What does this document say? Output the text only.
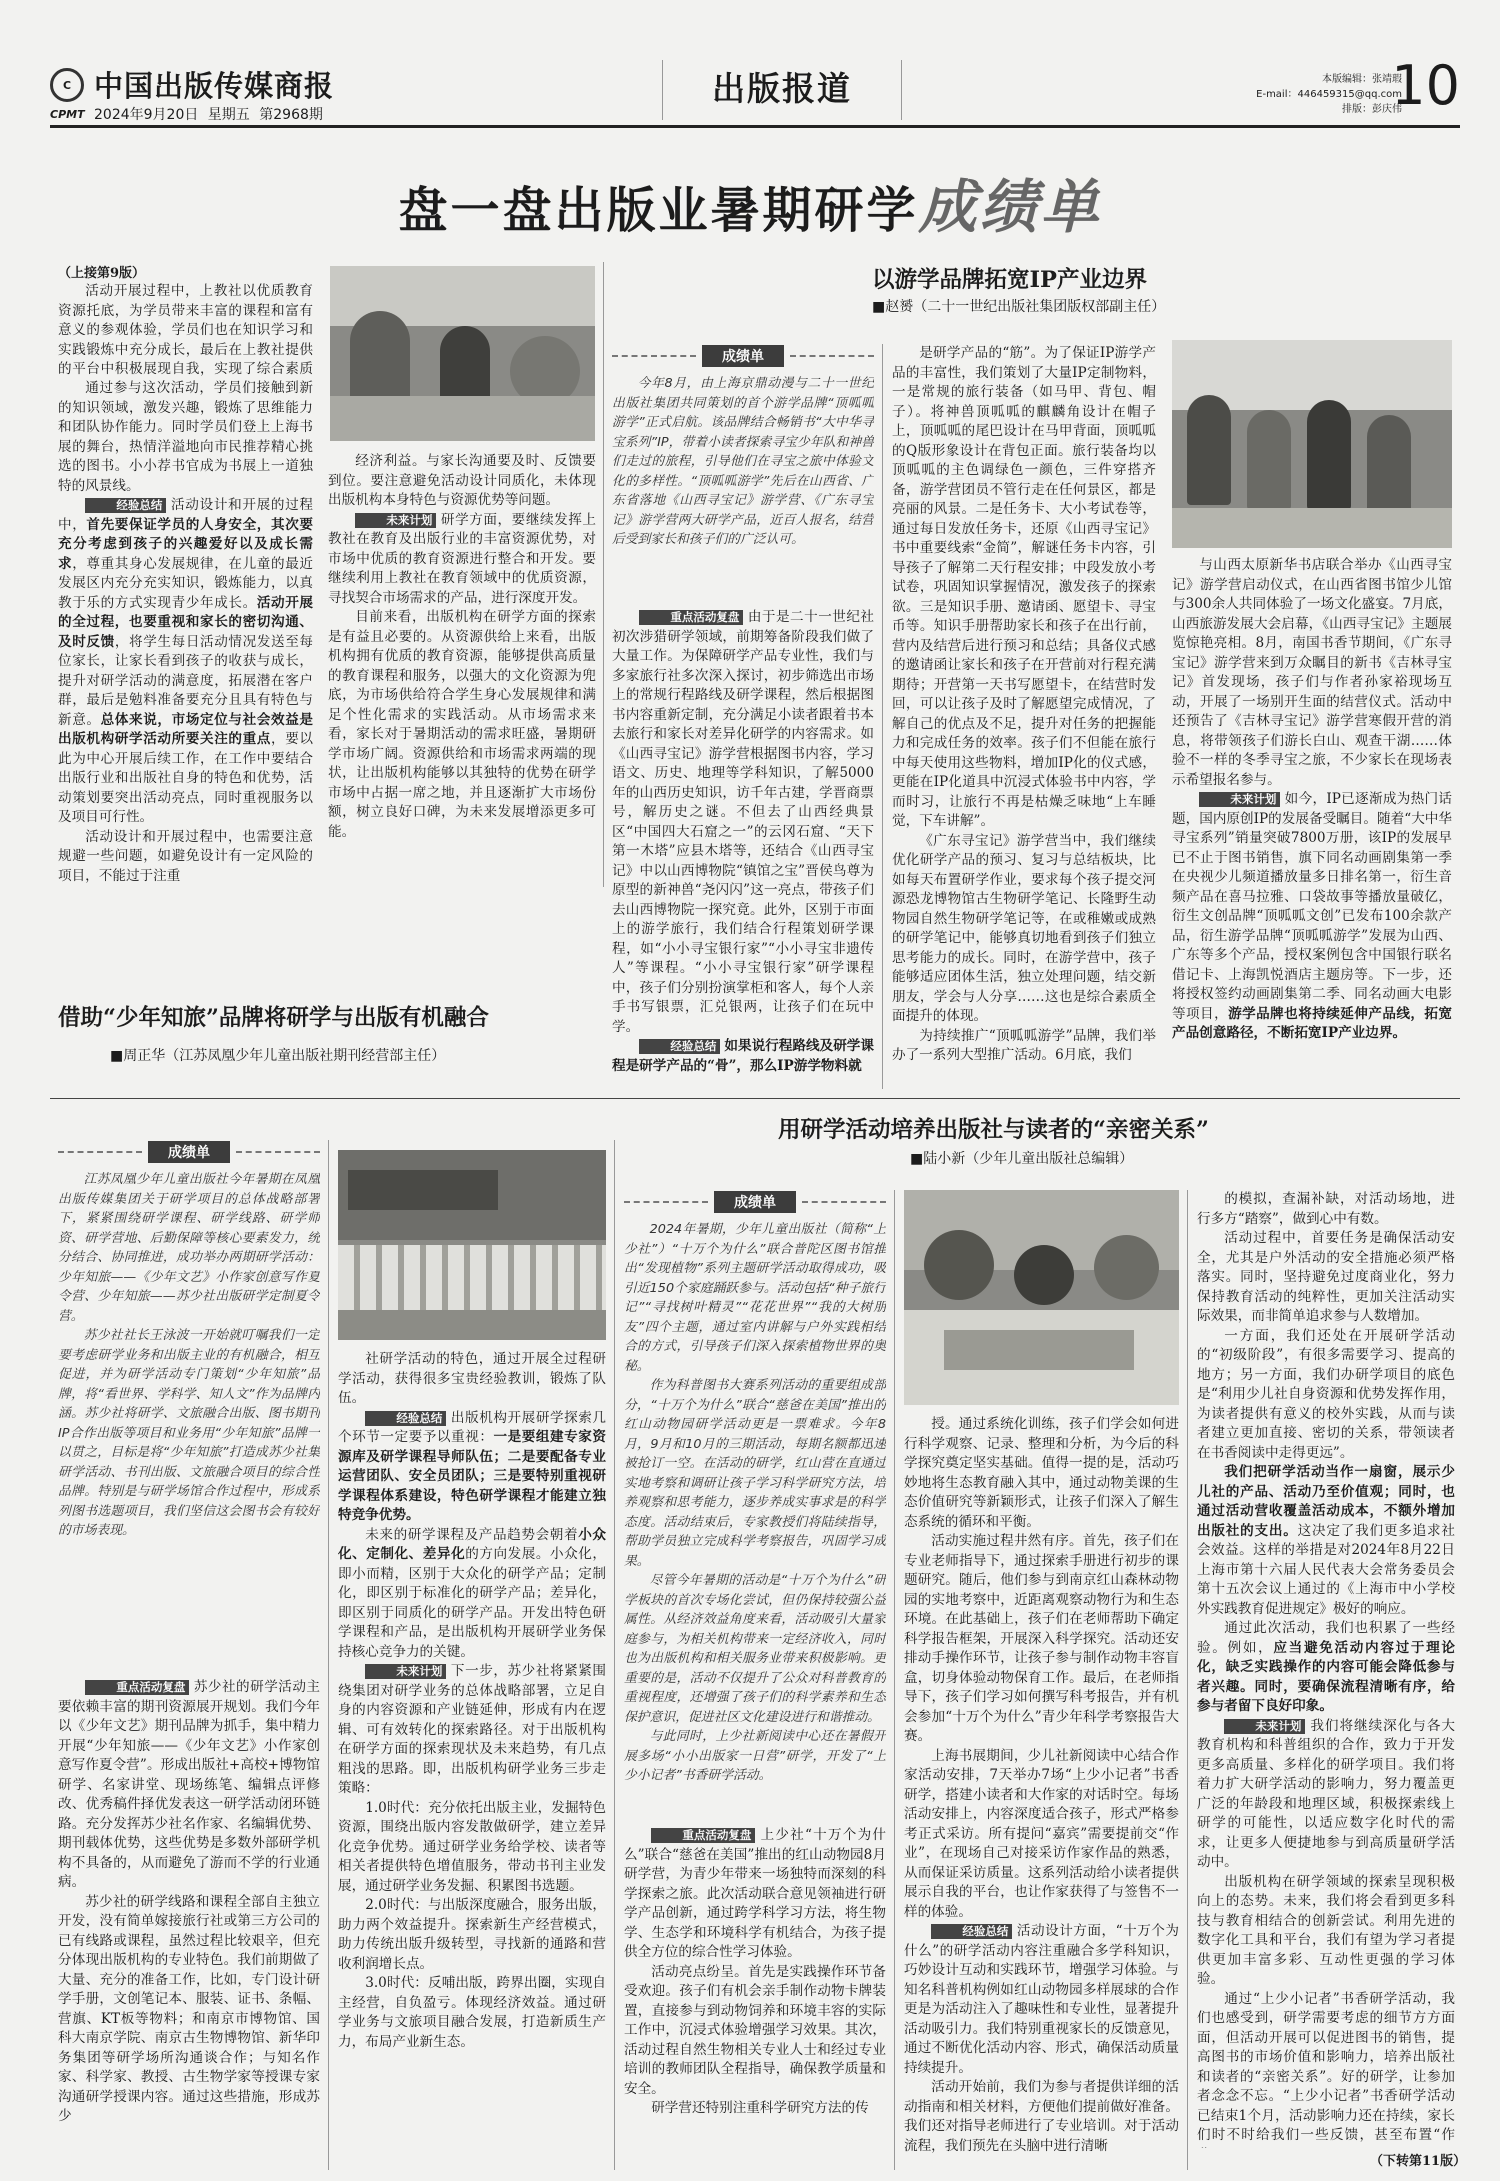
C 中国出版传媒商报
CPMT 2024年9月20日 星期五 第2968期
出版报道	本版编辑：张靖瑕
E-mail：446459315@qq.com
排版：彭庆伟
10
盘一盘出版业暑期研学成绩单
（上接第9版）

活动开展过程中，上教社以优质教育资源托底，为学员带来丰富的课程和富有意义的参观体验，学员们也在知识学习和实践锻炼中充分成长，最后在上教社提供的平台中积极展现自我，实现了综合素质

通过参与这次活动，学员们接触到新的知识领域，激发兴趣，锻炼了思维能力和团队协作能力。同时学员们登上上海书展的舞台，热情洋溢地向市民推荐精心挑选的图书。小小荐书官成为书展上一道独特的风景线。

经验总结 活动设计和开展的过程中，首先要保证学员的人身安全，其次要充分考虑到孩子的兴趣爱好以及成长需求，尊重其身心发展规律，在儿童的最近发展区内充分充实知识，锻炼能力，以真教于乐的方式实现青少年成长。活动开展的全过程，也要重视和家长的密切沟通、及时反馈，将学生每日活动情况发送至每位家长，让家长看到孩子的收获与成长，提升对研学活动的满意度，拓展潜在客户群，最后是勉料准备要充分且具有特色与新意。总体来说，市场定位与社会效益是出版机构研学活动所要关注的重点，要以此为中心开展后续工作，在工作中要结合出版行业和出版社自身的特色和优势，活动策划要突出活动亮点，同时重视服务以及项目可行性。

活动设计和开展过程中，也需要注意规避一些问题，如避免设计有一定风险的项目，不能过于注重

经济利益。与家长沟通要及时、反馈要到位。要注意避免活动设计同质化，未体现出版机构本身特色与资源优势等问题。

未来计划 研学方面，要继续发挥上教社在教育及出版行业的丰富资源优势，对市场中优质的教育资源进行整合和开发。要继续利用上教社在教育领域中的优质资源，寻找契合市场需求的产品，进行深度开发。

目前来看，出版机构在研学方面的探索是有益且必要的。从资源供给上来看，出版机构拥有优质的教育资源，能够提供高质量的教育课程和服务，以强大的文化资源为兜底，为市场供给符合学生身心发展规律和满足个性化需求的实践活动。从市场需求来看，家长对于暑期活动的需求旺盛，暑期研学市场广阔。资源供给和市场需求两端的现状，让出版机构能够以其独特的优势在研学市场中占据一席之地，并且逐渐扩大市场份额，树立良好口碑，为未来发展增添更多可能。

以游学品牌拓宽IP产业边界
■赵赟（二十一世纪出版社集团版权部副主任）
成绩单

今年8月，由上海京鼎动漫与二十一世纪出版社集团共同策划的首个游学品牌“顶呱呱游学”正式启航。该品牌结合畅销书“大中华寻宝系列”IP，带着小读者探索寻宝少年队和神兽们走过的旅程，引导他们在寻宝之旅中体验文化的多样性。“顶呱呱游学”先后在山西省、广东省落地《山西寻宝记》游学营、《广东寻宝记》游学营两大研学产品，近百人报名，结营后受到家长和孩子们的广泛认可。

重点活动复盘 由于是二十一世纪社初次涉猎研学领域，前期筹备阶段我们做了大量工作。为保障研学产品专业性，我们与多家旅行社多次深入探讨，初步筛选出市场上的常规行程路线及研学课程，然后根据图书内容重新定制，充分满足小读者跟着书本去旅行和家长对差异化研学的内容需求。如《山西寻宝记》游学营根据图书内容，学习语文、历史、地理等学科知识，了解5000年的山西历史知识，访千年古建，学晋商票号，解历史之谜。不但去了山西经典景区“中国四大石窟之一”的云冈石窟、“天下第一木塔”应县木塔等，还结合《山西寻宝记》中以山西博物院“镇馆之宝”晋侯鸟尊为原型的新神兽“尧闪闪”这一亮点，带孩子们去山西博物院一探究竟。此外，区别于市面上的游学旅行，我们结合行程策划研学课程，如“小小寻宝银行家”“小小寻宝非遗传人”等课程。“小小寻宝银行家”研学课程中，孩子们分别扮演掌柜和客人，每个人亲手书写银票，汇兑银两，让孩子们在玩中学。

经验总结 如果说行程路线及研学课程是研学产品的“骨”，那么IP游学物料就

是研学产品的“筋”。为了保证IP游学产品的丰富性，我们策划了大量IP定制物料，一是常规的旅行装备（如马甲、背包、帽子）。将神兽顶呱呱的麒麟角设计在帽子上，顶呱呱的尾巴设计在马甲背面，顶呱呱的Q版形象设计在背包正面。旅行装备均以顶呱呱的主色调绿色一颜色，三件穿搭齐备，游学营团员不管行走在任何景区，都是亮丽的风景。二是任务卡、大小考试卷等，通过每日发放任务卡，还原《山西寻宝记》书中重要线索“金简”，解谜任务卡内容，引导孩子了解第二天行程安排；中段发放小考试卷，巩固知识掌握情况，激发孩子的探索欲。三是知识手册、邀请函、愿望卡、寻宝币等。知识手册帮助家长和孩子在出行前，营内及结营后进行预习和总结；具备仪式感的邀请函让家长和孩子在开营前对行程充满期待；开营第一天书写愿望卡，在结营时发回，可以让孩子及时了解愿望完成情况，了解自己的优点及不足，提升对任务的把握能力和完成任务的效率。孩子们不但能在旅行中每天使用这些物料，增加IP化的仪式感，更能在IP化道具中沉浸式体验书中内容，学而时习，让旅行不再是枯燥乏味地“上车睡觉，下车讲解”。

《广东寻宝记》游学营当中，我们继续优化研学产品的预习、复习与总结板块，比如每天布置研学作业，要求每个孩子提交河源恐龙博物馆古生物研学笔记、长隆野生动物园自然生物研学笔记等，在或稚嫩或成熟的研学笔记中，能够真切地看到孩子们独立思考能力的成长。同时，在游学营中，孩子能够适应团体生活，独立处理问题，结交新朋友，学会与人分享……这也是综合素质全面提升的体现。

为持续推广“顶呱呱游学”品牌，我们举办了一系列大型推广活动。6月底，我们

与山西太原新华书店联合举办《山西寻宝记》游学营启动仪式，在山西省图书馆少儿馆与300余人共同体验了一场文化盛宴。7月底，山西旅游发展大会启幕，《山西寻宝记》主题展览惊艳亮相。8月，南国书香节期间，《广东寻宝记》游学营来到万众瞩目的新书《吉林寻宝记》首发现场，孩子们与作者孙家裕现场互动，开展了一场别开生面的结营仪式。活动中还预告了《吉林寻宝记》游学营寒假开营的消息，将带领孩子们游长白山、观查干湖……体验不一样的冬季寻宝之旅，不少家长在现场表示希望报名参与。

未来计划 如今，IP已逐渐成为热门话题，国内原创IP的发展备受瞩目。随着“大中华寻宝系列”销量突破7800万册，该IP的发展早已不止于图书销售，旗下同名动画剧集第一季在央视少儿频道播放量多日排名第一，衍生音频产品在喜马拉雅、口袋故事等播放量破亿，衍生文创品牌“顶呱呱文创”已发布100余款产品，衍生游学品牌“顶呱呱游学”发展为山西、广东等多个产品，授权案例包含中国银行联名借记卡、上海凯悦酒店主题房等。下一步，还将授权签约动画剧集第二季、同名动画大电影等项目，游学品牌也将持续延伸产品线，拓宽产品创意路径，不断拓宽IP产业边界。

借助“少年知旅”品牌将研学与出版有机融合
■周正华（江苏凤凰少年儿童出版社期刊经营部主任）
用研学活动培养出版社与读者的“亲密关系”
■陆小新（少年儿童出版社总编辑）
成绩单

江苏凤凰少年儿童出版社今年暑期在凤凰出版传媒集团关于研学项目的总体战略部署下，紧紧围绕研学课程、研学线路、研学师资、研学营地、后勤保障等核心要素发力，统分结合、协同推进，成功举办两期研学活动：少年知旅——《少年文艺》小作家创意写作夏令营、少年知旅——苏少社出版研学定制夏令营。

苏少社社长王泳波一开始就叮嘱我们一定要考虑研学业务和出版主业的有机融合，相互促进，并为研学活动专门策划“少年知旅”品牌，将“看世界、学科学、知人文”作为品牌内涵。苏少社将研学、文旅融合出版、图书期刊IP合作出版等项目和业务用“少年知旅”品牌一以贯之，目标是将“少年知旅”打造成苏少社集研学活动、书刊出版、文旅融合项目的综合性品牌。特别是与研学场馆合作过程中，形成系列图书选题项目，我们坚信这会图书会有较好的市场表现。

重点活动复盘 苏少社的研学活动主要依赖丰富的期刊资源展开规划。我们今年以《少年文艺》期刊品牌为抓手，集中精力开展“少年知旅——《少年文艺》小作家创意写作夏令营”。形成出版社+高校+博物馆研学、名家讲堂、现场练笔、编辑点评修改、优秀稿件择优发表这一研学活动闭环链路。充分发挥苏少社名作家、名编辑优势、期刊载体优势，这些优势是多数外部研学机构不具备的，从而避免了游而不学的行业通病。

苏少社的研学线路和课程全部自主独立开发，没有简单嫁接旅行社或第三方公司的已有线路或课程，虽然过程比较艰辛，但充分体现出版机构的专业特色。我们前期做了大量、充分的准备工作，比如，专门设计研学手册，文创笔记本、服装、证书、条幅、营旗、KT板等物料；和南京市博物馆、国科大南京学院、南京古生物博物馆、新华印务集团等研学场所沟通谈合作；与知名作家、科学家、教授、古生物学家等授课专家沟通研学授课内容。通过这些措施，形成苏少

社研学活动的特色，通过开展全过程研学活动，获得很多宝贵经验教训，锻炼了队伍。

经验总结 出版机构开展研学探索几个环节一定要予以重视：一是要组建专家资源库及研学课程导师队伍；二是要配备专业运营团队、安全员团队；三是要特别重视研学课程体系建设，特色研学课程才能建立独特竞争优势。

未来的研学课程及产品趋势会朝着小众化、定制化、差异化的方向发展。小众化，即小而精，区别于大众化的研学产品；定制化，即区别于标准化的研学产品；差异化，即区别于同质化的研学产品。开发出特色研学课程和产品，是出版机构开展研学业务保持核心竞争力的关键。

未来计划 下一步，苏少社将紧紧围绕集团对研学业务的总体战略部署，立足自身的内容资源和产业链延伸，形成有内在逻辑、可有效转化的探索路径。对于出版机构在研学方面的探索现状及未来趋势，有几点粗浅的思路。即，出版机构研学业务三步走策略：

1.0时代：充分依托出版主业，发掘特色资源，围绕出版内容发散做研学，建立差异化竞争优势。通过研学业务给学校、读者等相关者提供特色增值服务，带动书刊主业发展，通过研学业务发掘、积累图书选题。

2.0时代：与出版深度融合，服务出版，助力两个效益提升。探索新生产经营模式，助力传统出版升级转型，寻找新的通路和营收利润增长点。

3.0时代：反哺出版，跨界出圈，实现自主经营，自负盈亏。体现经济效益。通过研学业务与文旅项目融合发展，打造新质生产力，布局产业新生态。

成绩单

2024年暑期，少年儿童出版社（简称“上少社”）“十万个为什么”联合普陀区图书馆推出“发现植物”系列主题研学活动取得成功，吸引近150个家庭踊跃参与。活动包括“种子旅行记”“寻找树叶精灵”“花花世界”“我的大树朋友”四个主题，通过室内讲解与户外实践相结合的方式，引导孩子们深入探索植物世界的奥秘。

作为科普图书大赛系列活动的重要组成部分，“十万个为什么”联合“慈爸在美国”推出的红山动物园研学活动更是一票难求。今年8月，9月和10月的三期活动，每期名额都迅速被抢订一空。在活动的研学，红山营在直通过实地考察和调研让孩子学习科学研究方法，培养观察和思考能力，逐步养成实事求是的科学态度。活动结束后，专家教授们将陆续指导，帮助学员独立完成科学考察报告，巩固学习成果。

尽管今年暑期的活动是“十万个为什么”研学板块的首次专场化尝试，但仍保持较强公益属性。从经济效益角度来看，活动吸引大量家庭参与，为相关机构带来一定经济收入，同时也为出版机构和相关服务业带来积极影响。更重要的是，活动不仅提升了公众对科普教育的重视程度，还增强了孩子们的科学素养和生态保护意识，促进社区文化建设进行和谐推动。

与此同时，上少社新阅读中心还在暑假开展多场“小小出版家一日营”研学，开发了“上少小记者”书香研学活动。

重点活动复盘 上少社“十万个为什么”联合“慈爸在美国”推出的红山动物园8月研学营，为青少年带来一场独特而深刻的科学探索之旅。此次活动联合意见领袖进行研学产品创新，通过跨学科学习方法，将生物学、生态学和环境科学有机结合，为孩子提供全方位的综合性学习体验。

活动亮点纷呈。首先是实践操作环节备受欢迎。孩子们有机会亲手制作动物卡牌装置，直接参与到动物饲养和环境丰容的实际工作中，沉浸式体验增强学习效果。其次，活动过程自然生物相关专业人士和经过专业培训的教师团队全程指导，确保教学质量和安全。

研学营还特别注重科学研究方法的传

授。通过系统化训练，孩子们学会如何进行科学观察、记录、整理和分析，为今后的科学探究奠定坚实基础。值得一提的是，活动巧妙地将生态教育融入其中，通过动物美课的生态价值研究等新颖形式，让孩子们深入了解生态系统的循环和平衡。

活动实施过程井然有序。首先，孩子们在专业老师指导下，通过探索手册进行初步的课题研究。随后，他们参与到南京红山森林动物园的实地考察中，近距离观察动物行为和生态环境。在此基础上，孩子们在老师帮助下确定科学报告框架，开展深入科学探究。活动还安排动手操作环节，让孩子参与制作动物丰容盲盒，切身体验动物保育工作。最后，在老师指导下，孩子们学习如何撰写科考报告，并有机会参加“十万个为什么”青少年科学考察报告大赛。

上海书展期间，少儿社新阅读中心结合作家活动安排，7天举办7场“上少小记者”书香研学，搭建小读者和大作家的对话时空。每场活动安排上，内容深度适合孩子，形式严格参考正式采访。所有提问“嘉宾”需要提前交“作业”，在现场自己对接采访作家作品的熟悉，从而保证采访质量。这系列活动给小读者提供展示自我的平台，也让作家获得了与签售不一样的体验。

经验总结 活动设计方面，“十万个为什么”的研学活动内容注重融合多学科知识，巧妙设计互动和实践环节，增强学习体验。与知名科普机构例如红山动物园多样展球的合作更是为活动注入了趣味性和专业性，显著提升活动吸引力。我们特别重视家长的反馈意见，通过不断优化活动内容、形式，确保活动质量持续提升。

活动开始前，我们为参与者提供详细的活动指南和相关材料，方便他们提前做好准备。我们还对指导老师进行了专业培训。对于活动流程，我们预先在头脑中进行清晰

的模拟，查漏补缺，对活动场地，进行多方“踏察”，做到心中有数。

活动过程中，首要任务是确保活动安全，尤其是户外活动的安全措施必须严格落实。同时，坚持避免过度商业化，努力保持教育活动的纯粹性，更加关注活动实际效果，而非简单追求参与人数增加。

一方面，我们还处在开展研学活动的“初级阶段”，有很多需要学习、提高的地方；另一方面，我们办研学项目的底色是“利用少儿社自身资源和优势发挥作用，为读者提供有意义的校外实践，从而与读者建立更加直接、密切的关系，带领读者在书香阅读中走得更远”。

我们把研学活动当作一扇窗，展示少儿社的产品、活动乃至价值观；同时，也通过活动营收覆盖活动成本，不额外增加出版社的支出。这决定了我们更多追求社会效益。这样的举措是对2024年8月22日上海市第十六届人民代表大会常务委员会第十五次会议上通过的《上海市中小学校外实践教育促进规定》极好的响应。

通过此次活动，我们也积累了一些经验。例如，应当避免活动内容过于理论化，缺乏实践操作的内容可能会降低参与者兴趣。同时，要确保流程清晰有序，给参与者留下良好印象。

未来计划 我们将继续深化与各大教育机构和科普组织的合作，致力于开发更多高质量、多样化的研学项目。我们将着力扩大研学活动的影响力，努力覆盖更广泛的年龄段和地理区域，积极探索线上研学的可能性，以适应数字化时代的需求，让更多人便捷地参与到高质量研学活动中。

出版机构在研学领域的探索呈现积极向上的态势。未来，我们将会看到更多科技与教育相结合的创新尝试。利用先进的数字化工具和平台，我们有望为学习者提供更加丰富多彩、互动性更强的学习体验。

通过“上少小记者”书香研学活动，我们也感受到，研学需要考虑的细节方方面面，但活动开展可以促进图书的销售，提高图书的市场价值和影响力，培养出版社和读者的“亲密关系”。好的研学，让参加者念念不忘。“上少小记者”书香研学活动已结束1个月，活动影响力还在持续，家长们时不时给我们一些反馈，甚至布置“作

（下转第11版）
